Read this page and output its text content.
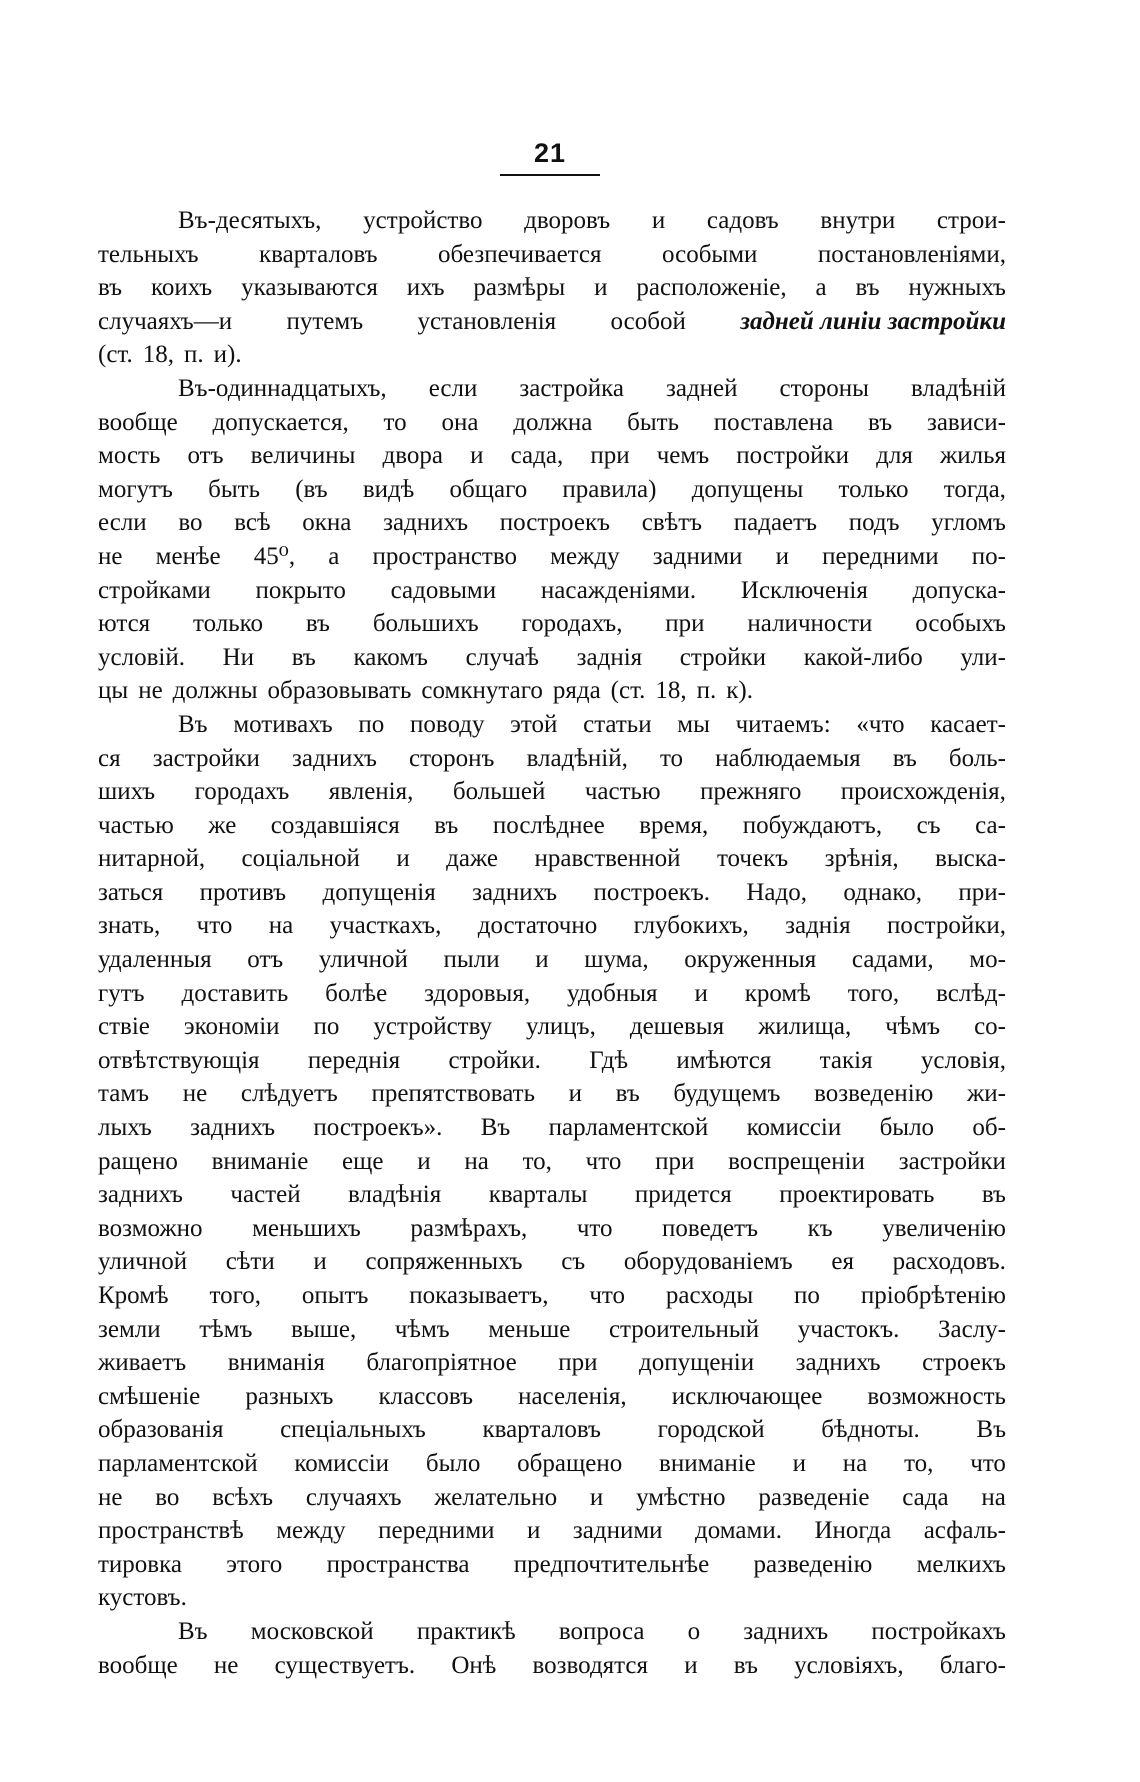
21
Въ-десятыхъ, устройство дворовъ и садовъ внутри строи-
тельныхъ кварталовъ обезпечивается особыми постановленіями,
въ коихъ указываются ихъ размѣры и расположеніе, а въ нужныхъ
случаяхъ—и путемъ установленія особой задней линіи застройки
(ст. 18, п. и).
Въ-одиннадцатыхъ, если застройка задней стороны владѣній
вообще допускается, то она должна быть поставлена въ зависи-
мость отъ величины двора и сада, при чемъ постройки для жилья
могутъ быть (въ видѣ общаго правила) допущены только тогда,
если во всѣ окна заднихъ построекъ свѣтъ падаетъ подъ угломъ
не менѣе 45⁰, а пространство между задними и передними по-
стройками покрыто садовыми насажденіями. Исключенія допуска-
ются только въ большихъ городахъ, при наличности особыхъ
условій. Ни въ какомъ случаѣ заднія стройки какой-либо ули-
цы не должны образовывать сомкнутаго ряда (ст. 18, п. к).
Въ мотивахъ по поводу этой статьи мы читаемъ: «что касает-
ся застройки заднихъ сторонъ владѣній, то наблюдаемыя въ боль-
шихъ городахъ явленія, большей частью прежняго происхожденія,
частью же создавшіяся въ послѣднее время, побуждаютъ, съ са-
нитарной, соціальной и даже нравственной точекъ зрѣнія, выска-
заться противъ допущенія заднихъ построекъ. Надо, однако, при-
знать, что на участкахъ, достаточно глубокихъ, заднія постройки,
удаленныя отъ уличной пыли и шума, окруженныя садами, мо-
гутъ доставить болѣе здоровыя, удобныя и кромѣ того, вслѣд-
ствіе экономіи по устройству улицъ, дешевыя жилища, чѣмъ со-
отвѣтствующія переднія стройки. Гдѣ имѣются такія условія,
тамъ не слѣдуетъ препятствовать и въ будущемъ возведенію жи-
лыхъ заднихъ построекъ». Въ парламентской комиссіи было об-
ращено вниманіе еще и на то, что при воспрещеніи застройки
заднихъ частей владѣнія кварталы придется проектировать въ
возможно меньшихъ размѣрахъ, что поведетъ къ увеличенію
уличной сѣти и сопряженныхъ съ оборудованіемъ ея расходовъ.
Кромѣ того, опытъ показываетъ, что расходы по пріобрѣтенію
земли тѣмъ выше, чѣмъ меньше строительный участокъ. Заслу-
живаетъ вниманія благопріятное при допущеніи заднихъ строекъ
смѣшеніе разныхъ классовъ населенія, исключающее возможность
образованія спеціальныхъ кварталовъ городской бѣдноты. Въ
парламентской комиссіи было обращено вниманіе и на то, что
не во всѣхъ случаяхъ желательно и умѣстно разведеніе сада на
пространствѣ между передними и задними домами. Иногда асфаль-
тировка этого пространства предпочтительнѣе разведенію мелкихъ
кустовъ.
Въ московской практикѣ вопроса о заднихъ постройкахъ
вообще не существуетъ. Онѣ возводятся и въ условіяхъ, благо-
